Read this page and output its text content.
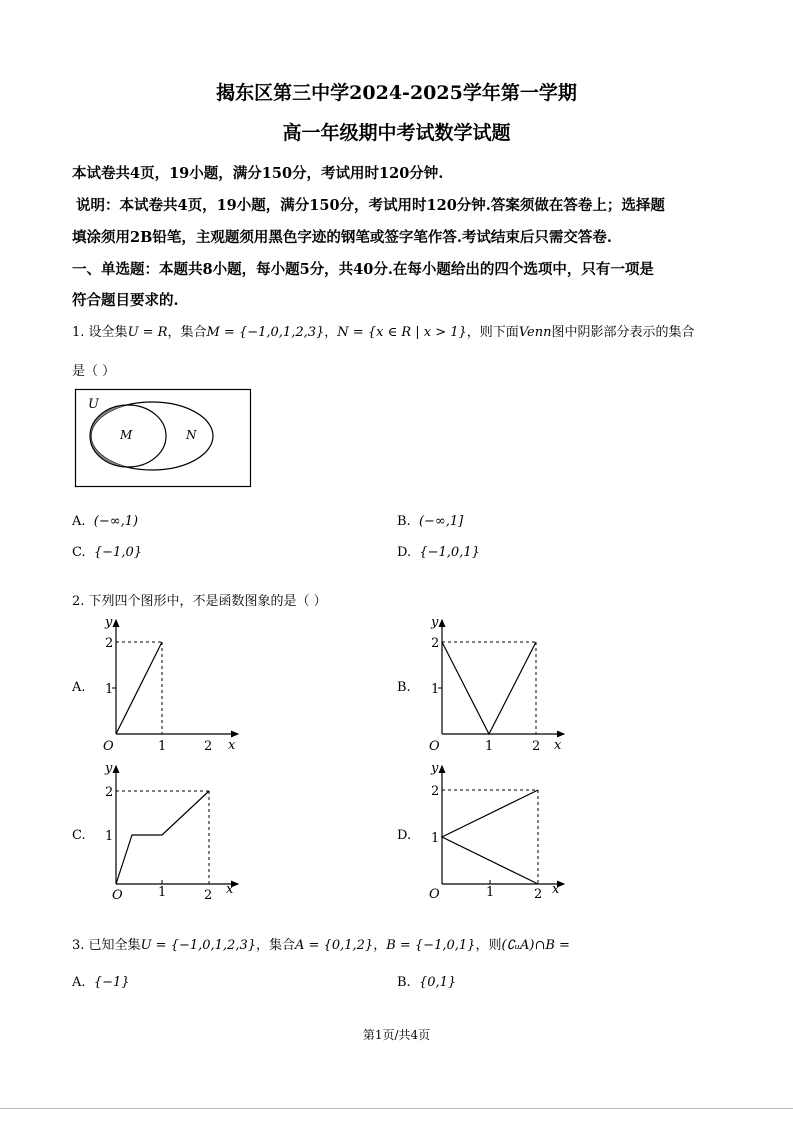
揭东区第三中学2024-2025学年第一学期
高一年级期中考试数学试题
本试卷共4页，19小题，满分150分，考试用时120分钟.
说明：本试卷共4页，19小题，满分150分，考试用时120分钟.答案须做在答卷上；选择题
填涂须用2B铅笔，主观题须用黑色字迹的钢笔或签字笔作答.考试结束后只需交答卷.
一、单选题：本题共8小题，每小题5分，共40分.在每小题给出的四个选项中，只有一项是
符合题目要求的.
1. 设全集U = R，集合M = {−1,0,1,2,3}，N = {x ∈ R | x > 1}，则下面Venn图中阴影部分表示的集合
是（ ）
U
M	N
A. (−∞,1)	B. (−∞,1]
C. {−1,0}	D. {−1,0,1}
2. 下列四个图形中，不是函数图象的是（ ）
A.	B.
C.	D.
y
x
O	1	2
1
2
y
x
O	1	2
1
2
y
x
O	1	2
1
2
y
x
O	1	2
1
2
3. 已知全集U = {−1,0,1,2,3}，集合A = {0,1,2}，B = {−1,0,1}，则(∁ᵤA)∩B =
A. {−1}	B. {0,1}
第1页/共4页
